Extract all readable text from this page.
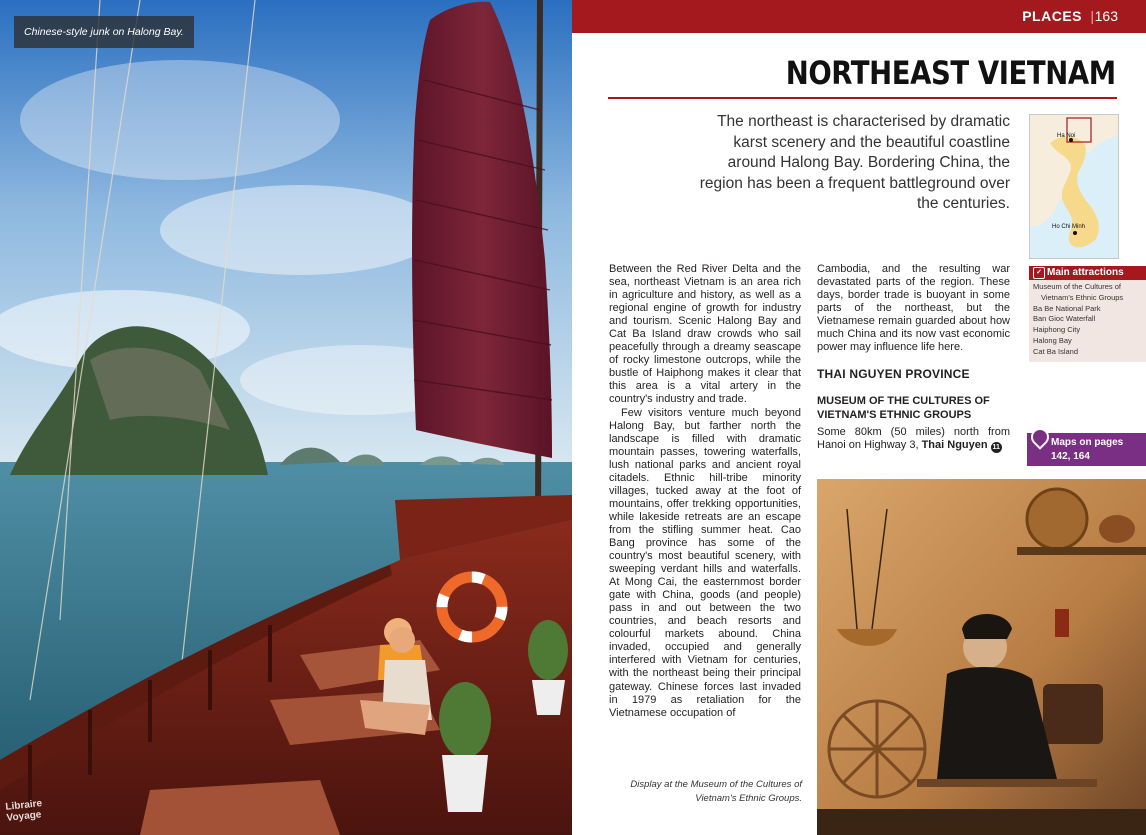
Chinese-style junk on Halong Bay.
Libraire
Voyage
PLACES | 163
NORTHEAST VIETNAM
The northeast is characterised by dramatic karst scenery and the beautiful coastline around Halong Bay. Bordering China, the region has been a frequent battleground over the centuries.
Ha Noi
Ho Chi Minh
✓ Main attractions
Museum of the Cultures of
Vietnam's Ethnic Groups
Ba Be National Park
Ban Gioc Waterfall
Haiphong City
Halong Bay
Cat Ba Island

Between the Red River Delta and the sea, northeast Vietnam is an area rich in agriculture and history, as well as a regional engine of growth for industry and tourism. Scenic Halong Bay and Cat Ba Island draw crowds who sail peacefully through a dreamy seascape of rocky limestone outcrops, while the bustle of Haiphong makes it clear that this area is a vital artery in the country's industry and trade.

Few visitors venture much beyond Halong Bay, but farther north the landscape is filled with dramatic mountain passes, towering waterfalls, lush national parks and ancient royal citadels. Ethnic hill-tribe minority villages, tucked away at the foot of mountains, offer trekking opportunities, while lakeside retreats are an escape from the stifling summer heat. Cao Bang province has some of the country's most beautiful scenery, with sweeping verdant hills and waterfalls. At Mong Cai, the easternmost border gate with China, goods (and people) pass in and out between the two countries, and beach resorts and colourful markets abound. China invaded, occupied and generally interfered with Vietnam for centuries, with the northeast being their principal gateway. Chinese forces last invaded in 1979 as retaliation for the Vietnamese occupation of

Cambodia, and the resulting war devastated parts of the region. These days, border trade is buoyant in some parts of the northeast, but the Vietnamese remain guarded about how much China and its now vast economic power may influence life here.

THAI NGUYEN PROVINCE
MUSEUM OF THE CULTURES OF
VIETNAM'S ETHNIC GROUPS

Some 80km (50 miles) north from Hanoi on Highway 3, Thai Nguyen 11	Maps on pages
142, 164
Display at the Museum of the Cultures of
Vietnam's Ethnic Groups.
